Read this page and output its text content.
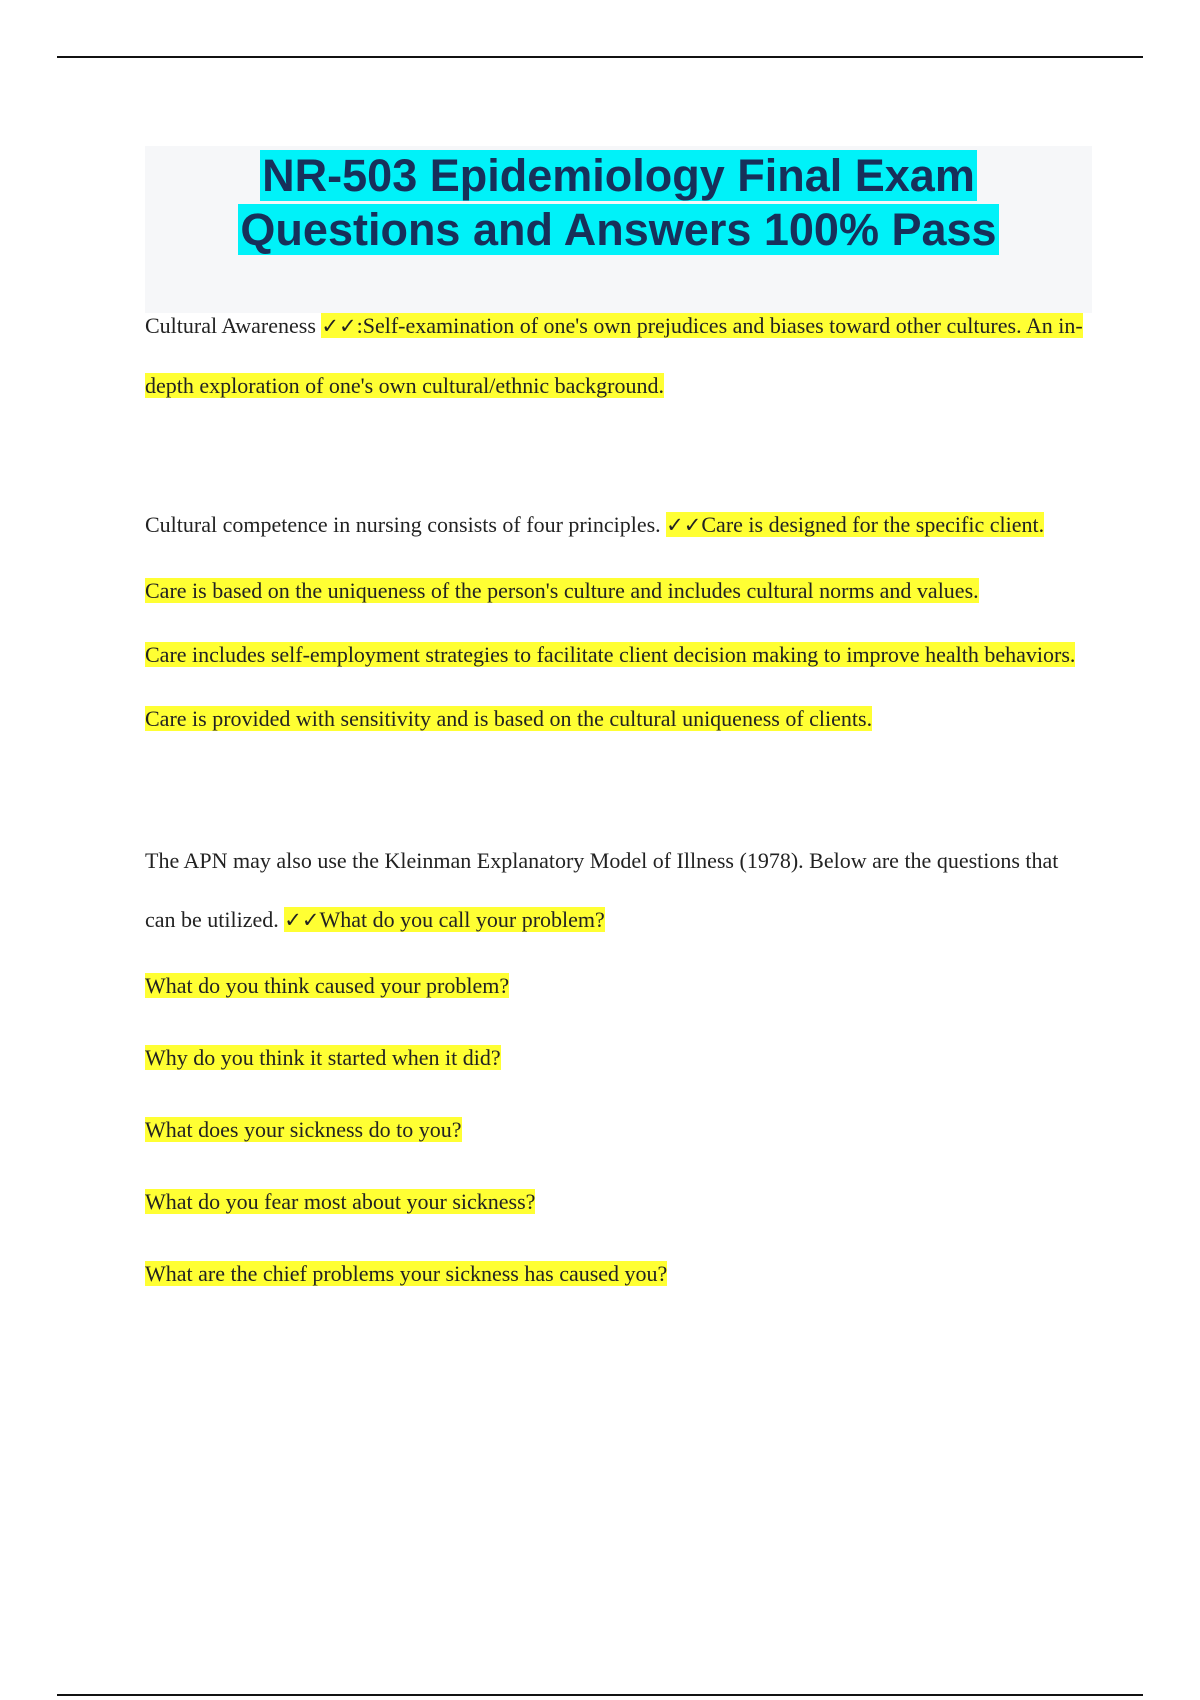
NR-503 Epidemiology Final Exam
Questions and Answers 100% Pass

Cultural Awareness ✓✓:Self-examination of one's own prejudices and biases toward other cultures. An in-depth exploration of one's own cultural/ethnic background.

Cultural competence in nursing consists of four principles. ✓✓Care is designed for the specific client.

Care is based on the uniqueness of the person's culture and includes cultural norms and values.

Care includes self-employment strategies to facilitate client decision making to improve health behaviors.

Care is provided with sensitivity and is based on the cultural uniqueness of clients.

The APN may also use the Kleinman Explanatory Model of Illness (1978). Below are the questions that can be utilized. ✓✓What do you call your problem?

What do you think caused your problem?

Why do you think it started when it did?

What does your sickness do to you?

What do you fear most about your sickness?

What are the chief problems your sickness has caused you?
